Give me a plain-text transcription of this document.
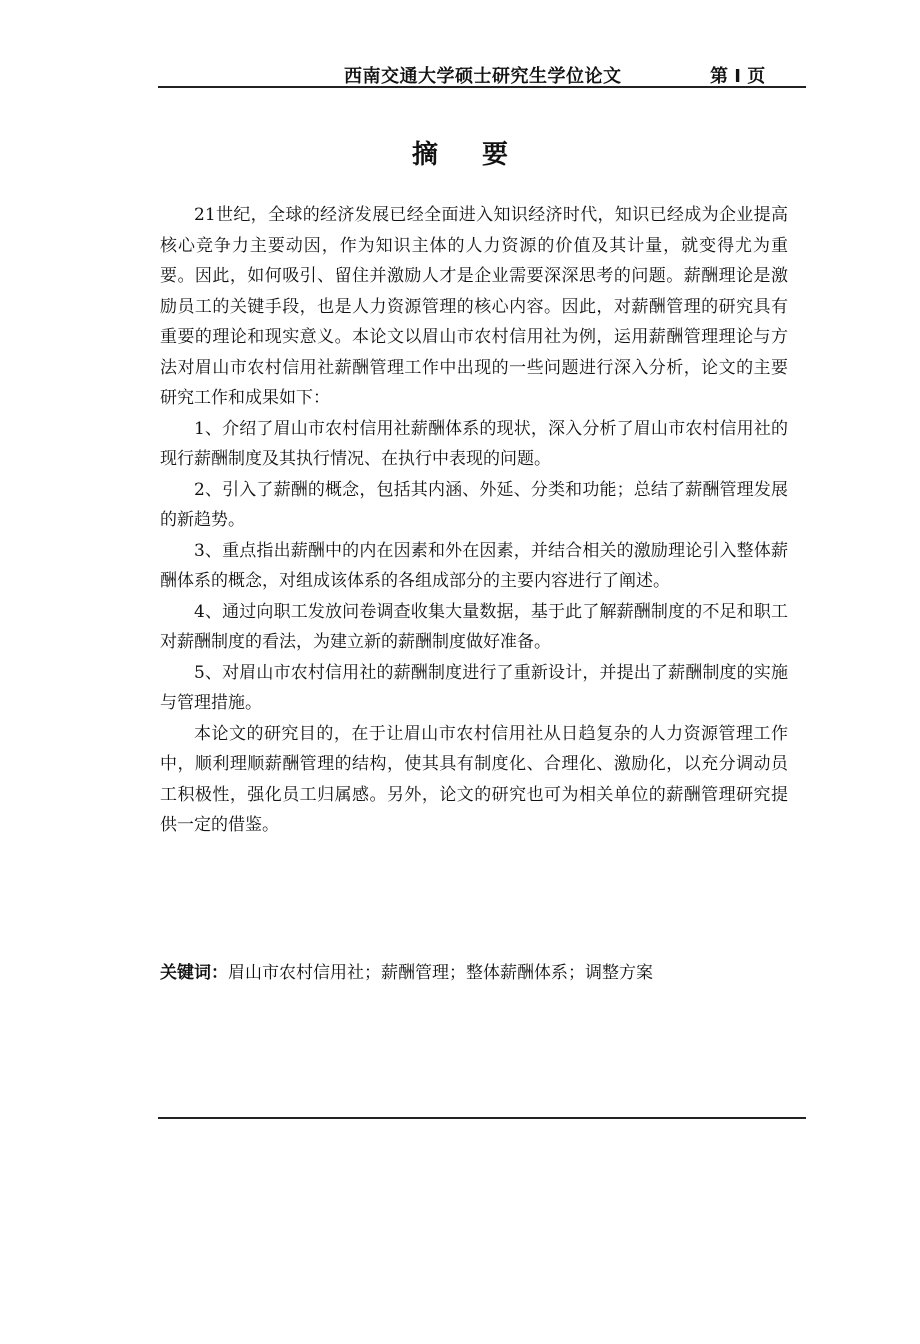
西南交通大学硕士研究生学位论文	第 I 页
摘要

21世纪，全球的经济发展已经全面进入知识经济时代，知识已经成为企业提高核心竞争力主要动因，作为知识主体的人力资源的价值及其计量，就变得尤为重要。因此，如何吸引、留住并激励人才是企业需要深深思考的问题。薪酬理论是激励员工的关键手段，也是人力资源管理的核心内容。因此，对薪酬管理的研究具有重要的理论和现实意义。本论文以眉山市农村信用社为例，运用薪酬管理理论与方法对眉山市农村信用社薪酬管理工作中出现的一些问题进行深入分析，论文的主要研究工作和成果如下：

1、介绍了眉山市农村信用社薪酬体系的现状，深入分析了眉山市农村信用社的现行薪酬制度及其执行情况、在执行中表现的问题。

2、引入了薪酬的概念，包括其内涵、外延、分类和功能；总结了薪酬管理发展的新趋势。

3、重点指出薪酬中的内在因素和外在因素，并结合相关的激励理论引入整体薪酬体系的概念，对组成该体系的各组成部分的主要内容进行了阐述。

4、通过向职工发放问卷调查收集大量数据，基于此了解薪酬制度的不足和职工对薪酬制度的看法，为建立新的薪酬制度做好准备。

5、对眉山市农村信用社的薪酬制度进行了重新设计，并提出了薪酬制度的实施与管理措施。

本论文的研究目的，在于让眉山市农村信用社从日趋复杂的人力资源管理工作中，顺利理顺薪酬管理的结构，使其具有制度化、合理化、激励化，以充分调动员工积极性，强化员工归属感。另外，论文的研究也可为相关单位的薪酬管理研究提供一定的借鉴。

关键词：眉山市农村信用社；薪酬管理；整体薪酬体系；调整方案
